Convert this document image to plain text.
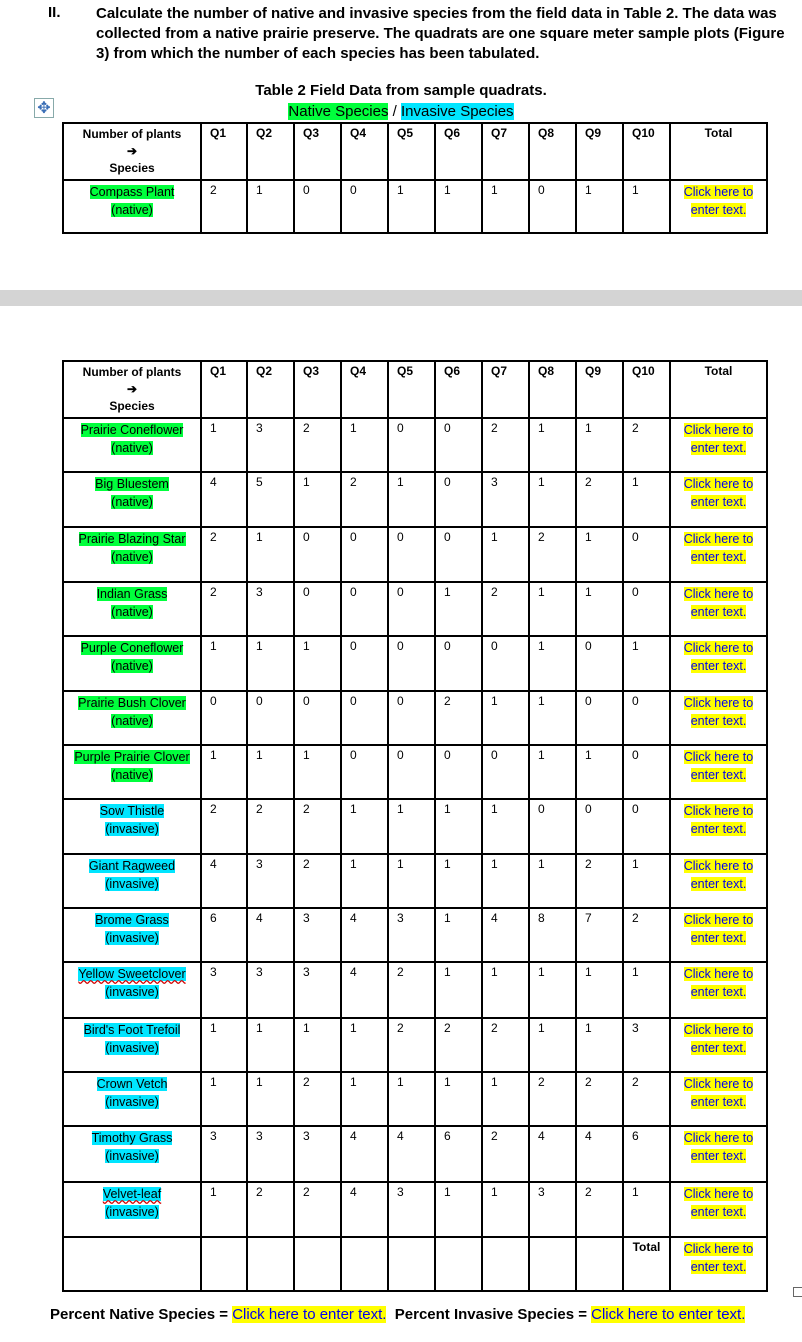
II. Calculate the number of native and invasive species from the field data in Table 2. The data was
collected from a native prairie preserve. The quadrats are one square meter sample plots (Figure
3) from which the number of each species has been tabulated.
Table 2 Field Data from sample quadrats.
Native Species / Invasive Species
✥
Number of plants
➔
Species	Q1	Q2	Q3	Q4	Q5	Q6	Q7	Q8	Q9	Q10	Total
Compass Plant
(native)	2	1	0	0	1	1	1	0	1	1	Click here to enter text.
Number of plants
➔
Species	Q1	Q2	Q3	Q4	Q5	Q6	Q7	Q8	Q9	Q10	Total
Prairie Coneflower
(native)	1	3	2	1	0	0	2	1	1	2	Click here to enter text.
Big Bluestem
(native)	4	5	1	2	1	0	3	1	2	1	Click here to enter text.
Prairie Blazing Star
(native)	2	1	0	0	0	0	1	2	1	0	Click here to enter text.
Indian Grass
(native)	2	3	0	0	0	1	2	1	1	0	Click here to enter text.
Purple Coneflower
(native)	1	1	1	0	0	0	0	1	0	1	Click here to enter text.
Prairie Bush Clover
(native)	0	0	0	0	0	2	1	1	0	0	Click here to enter text.
Purple Prairie Clover
(native)	1	1	1	0	0	0	0	1	1	0	Click here to enter text.
Sow Thistle
(invasive)	2	2	2	1	1	1	1	0	0	0	Click here to enter text.
Giant Ragweed
(invasive)	4	3	2	1	1	1	1	1	2	1	Click here to enter text.
Brome Grass
(invasive)	6	4	3	4	3	1	4	8	7	2	Click here to enter text.
Yellow Sweetclover
(invasive)	3	3	3	4	2	1	1	1	1	1	Click here to enter text.
Bird's Foot Trefoil
(invasive)	1	1	1	1	2	2	2	1	1	3	Click here to enter text.
Crown Vetch
(invasive)	1	1	2	1	1	1	1	2	2	2	Click here to enter text.
Timothy Grass
(invasive)	3	3	3	4	4	6	2	4	4	6	Click here to enter text.
Velvet-leaf
(invasive)	1	2	2	4	3	1	1	3	2	1	Click here to enter text.
										Total	Click here to enter text.
Percent Native Species = Click here to enter text. Percent Invasive Species = Click here to enter text.
